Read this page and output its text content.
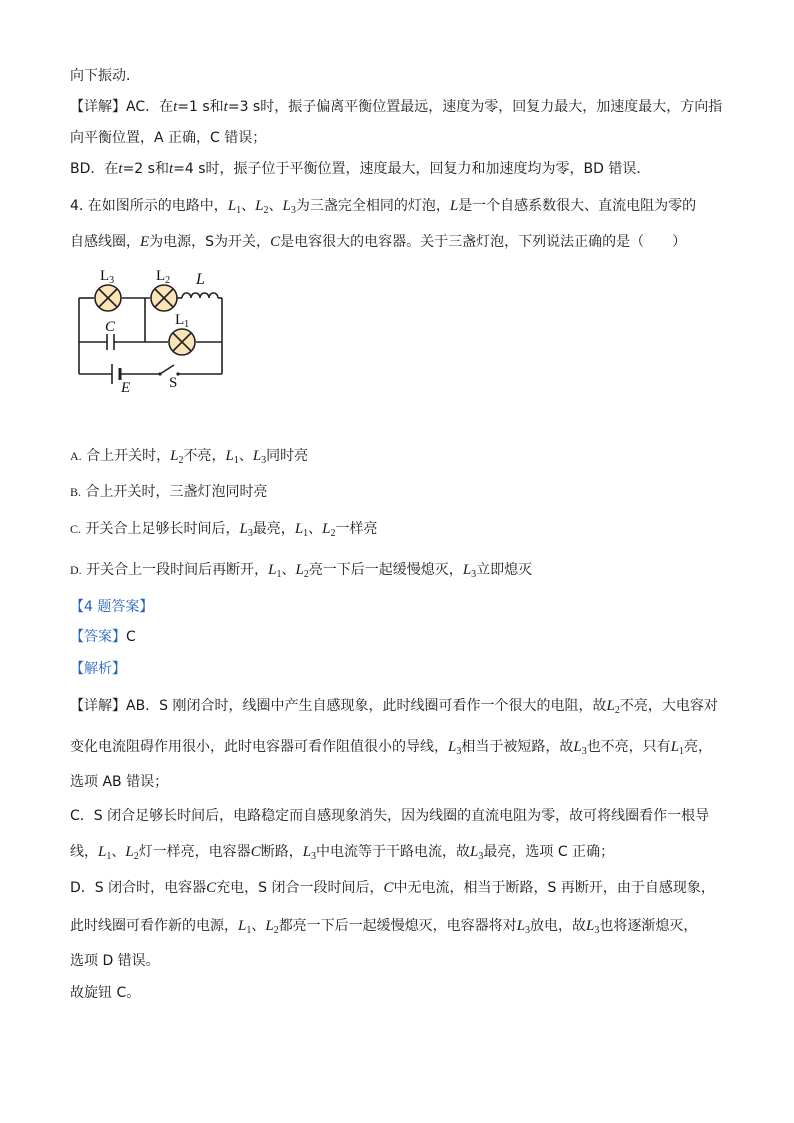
向下振动．
【详解】AC．在t=1 s和t=3 s时，振子偏离平衡位置最远，速度为零，回复力最大，加速度最大，方向指
向平衡位置，A 正确，C 错误；
BD．在t=2 s和t=4 s时，振子位于平衡位置，速度最大，回复力和加速度均为零，BD 错误．
4. 在如图所示的电路中，$L_1$、$L_2$、$L_3$为三盏完全相同的灯泡，L是一个自感系数很大、直流电阻为零的
自感线圈，E为电源，S为开关，C是电容很大的电容器。关于三盏灯泡，下列说法正确的是（　　）
$L_3$	$L_2$ L
$L_1$
C
E	S
A. 合上开关时，$L_2$不亮，$L_1$、$L_3$同时亮
B. 合上开关时，三盏灯泡同时亮
C. 开关合上足够长时间后，$L_3$最亮，$L_1$、$L_2$一样亮
D. 开关合上一段时间后再断开，$L_1$、$L_2$亮一下后一起缓慢熄灭，$L_3$立即熄灭
【4 题答案】
【答案】C
【解析】
【详解】AB．S 刚闭合时，线圈中产生自感现象，此时线圈可看作一个很大的电阻，故$L_2$不亮，大电容对
变化电流阻碍作用很小，此时电容器可看作阻值很小的导线，$L_3$相当于被短路，故$L_3$也不亮，只有$L_1$亮，
选项 AB 错误；
C．S 闭合足够长时间后，电路稳定而自感现象消失，因为线圈的直流电阻为零，故可将线圈看作一根导
线，$L_1$、$L_2$灯一样亮，电容器C断路，$L_3$中电流等于干路电流，故$L_3$最亮，选项 C 正确；
D．S 闭合时，电容器C充电，S 闭合一段时间后，C中无电流，相当于断路，S 再断开，由于自感现象，
此时线圈可看作新的电源，$L_1$、$L_2$都亮一下后一起缓慢熄灭，电容器将对$L_3$放电，故$L_3$也将逐渐熄灭，
选项 D 错误。
故旋钮 C。
